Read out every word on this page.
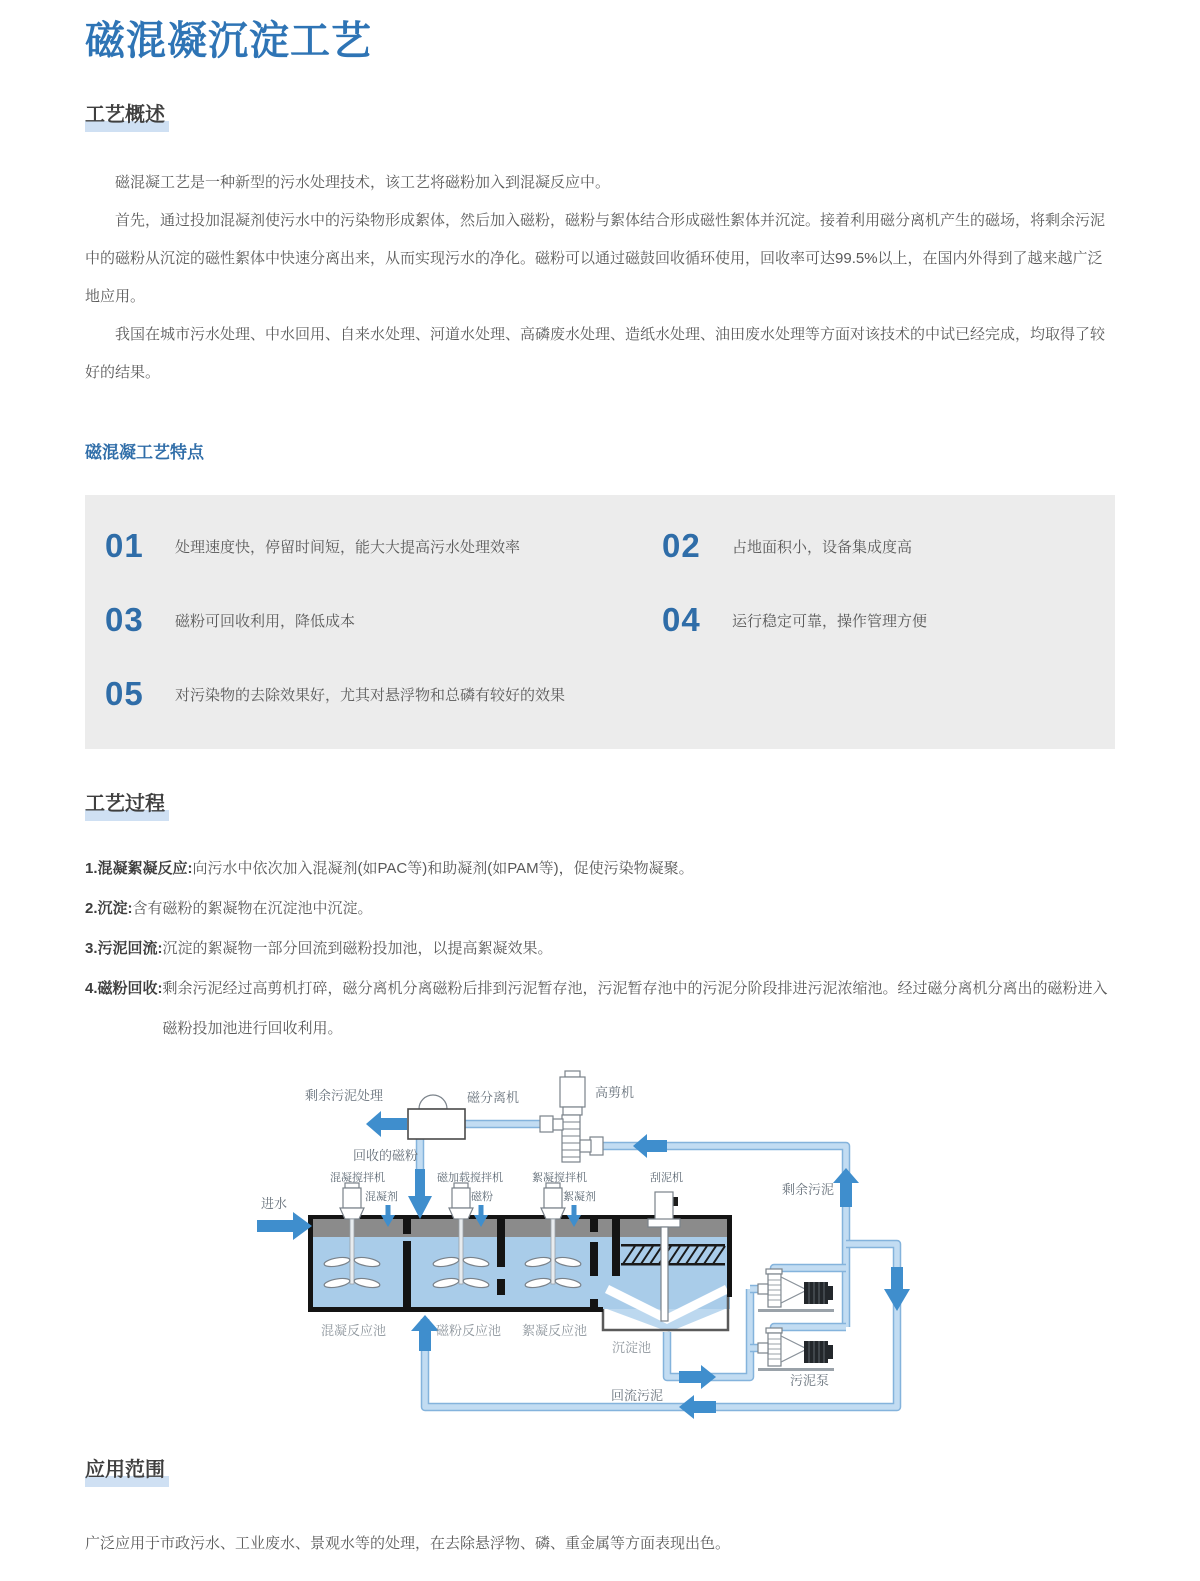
磁混凝沉淀工艺
工艺概述

磁混凝工艺是一种新型的污水处理技术，该工艺将磁粉加入到混凝反应中。

首先，通过投加混凝剂使污水中的污染物形成絮体，然后加入磁粉，磁粉与絮体结合形成磁性絮体并沉淀。接着利用磁分离机产生的磁场，将剩余污泥中的磁粉从沉淀的磁性絮体中快速分离出来，从而实现污水的净化。磁粉可以通过磁鼓回收循环使用，回收率可达99.5%以上，在国内外得到了越来越广泛地应用。

我国在城市污水处理、中水回用、自来水处理、河道水处理、高磷废水处理、造纸水处理、油田废水处理等方面对该技术的中试已经完成，均取得了较好的结果。

磁混凝工艺特点
01	处理速度快，停留时间短，能大大提高污水处理效率	02	占地面积小，设备集成度高
03	磁粉可回收利用，降低成本	04	运行稳定可靠，操作管理方便
05	对污染物的去除效果好，尤其对悬浮物和总磷有较好的效果
工艺过程
1.混凝絮凝反应: 向污水中依次加入混凝剂(如PAC等)和助凝剂(如PAM等)，促使污染物凝聚。
2.沉淀: 含有磁粉的絮凝物在沉淀池中沉淀。
3.污泥回流: 沉淀的絮凝物一部分回流到磁粉投加池，以提高絮凝效果。
4.磁粉回收: 剩余污泥经过高剪机打碎，磁分离机分离磁粉后排到污泥暂存池，污泥暂存池中的污泥分阶段排进污泥浓缩池。经过磁分离机分离出的磁粉进入磁粉投加池进行回收利用。
剩余污泥处理	磁分离机	高剪机
回收的磁粉
混凝搅拌机
混凝剂
磁加载搅拌机
磁粉
絮凝搅拌机
絮凝剂
刮泥机
剩余污泥
进水
混凝反应池	磁粉反应池 絮凝反应池
沉淀池
回流污泥
污泥泵
应用范围

广泛应用于市政污水、工业废水、景观水等的处理，在去除悬浮物、磷、重金属等方面表现出色。
